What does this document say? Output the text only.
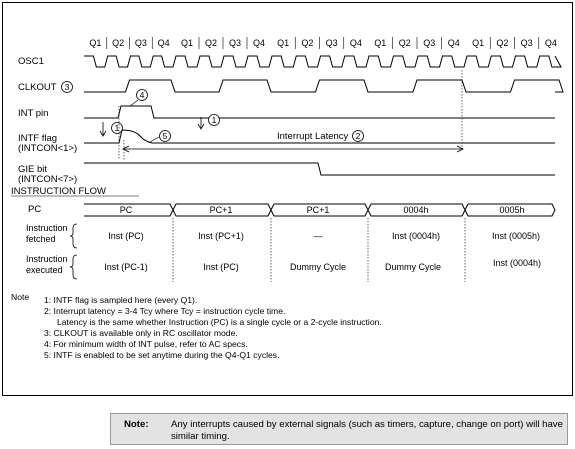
Q1 Q2 Q3 Q4 Q1 Q2 Q3 Q4 Q1 Q2 Q3 Q4 Q1 Q2 Q3 Q4 Q1 Q2 Q3 Q4
OSC1
CLKOUT 3
INT pin
INTF flag
(INTCON<1>)
GIE bit
(INTCON<7>)
INSTRUCTION FLOW
1
1
4
5	Interrupt Latency 2
PC	PC	PC+1	PC+1	0004h	0005h
Instruction
fetched	Inst (PC)	Inst (PC+1)	—	Inst (0004h)	Inst (0005h)
Instruction
executed	Inst (PC-1)	Inst (PC)	Dummy Cycle	Dummy Cycle	Inst (0004h)
Note 1: INTF flag is sampled here (every Q1).
2: Interrupt latency = 3-4 Tcy where Tcy = instruction cycle time.
Latency is the same whether Instruction (PC) is a single cycle or a 2-cycle instruction.
3: CLKOUT is available only in RC oscillator mode.
4: For minimum width of INT pulse, refer to AC specs.
5: INTF is enabled to be set anytime during the Q4-Q1 cycles.
Note: Any interrupts caused by external signals (such as timers, capture, change on port) will have similar timing.
